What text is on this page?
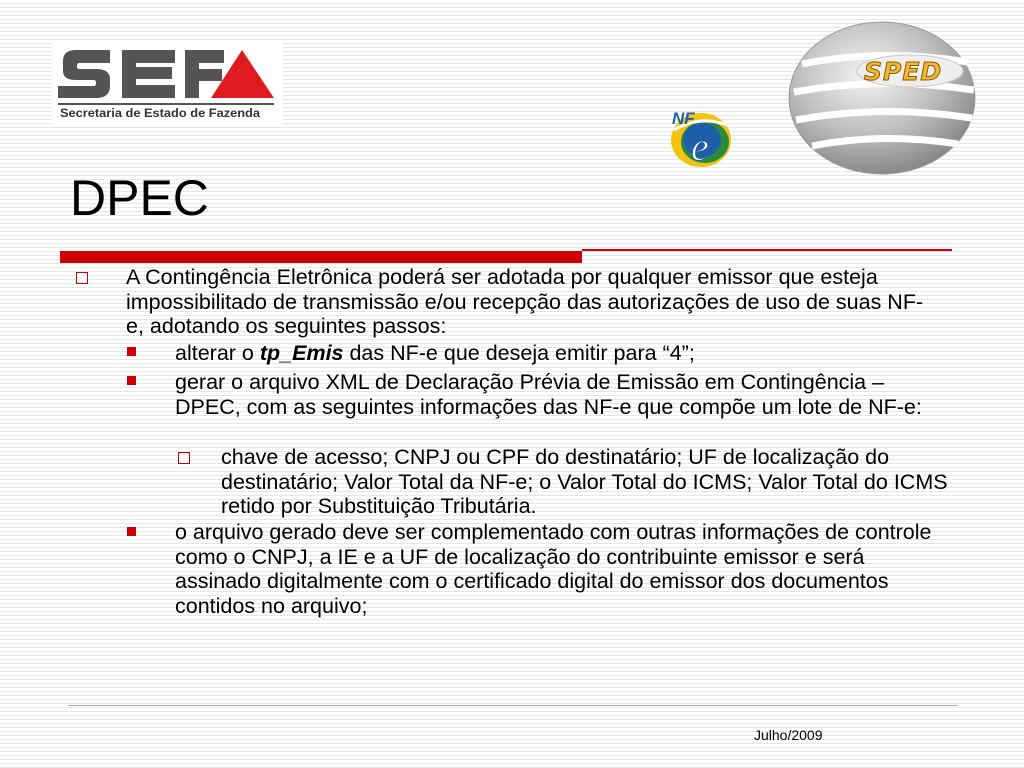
Secretaria de Estado de Fazenda	NF
e
SPED
DPEC
A Contingência Eletrônica poderá ser adotada por qualquer emissor que esteja impossibilitado de transmissão e/ou recepção das autorizações de uso de suas NF-e, adotando os seguintes passos:
alterar o tp_Emis das NF-e que deseja emitir para “4”;
gerar o arquivo XML de Declaração Prévia de Emissão em Contingência – DPEC, com as seguintes informações das NF-e que compõe um lote de NF-e:
chave de acesso; CNPJ ou CPF do destinatário; UF de localização do destinatário; Valor Total da NF-e; o Valor Total do ICMS; Valor Total do ICMS retido por Substituição Tributária.
o arquivo gerado deve ser complementado com outras informações de controle como o CNPJ, a IE e a UF de localização do contribuinte emissor e será assinado digitalmente com o certificado digital do emissor dos documentos contidos no arquivo;
Julho/2009
